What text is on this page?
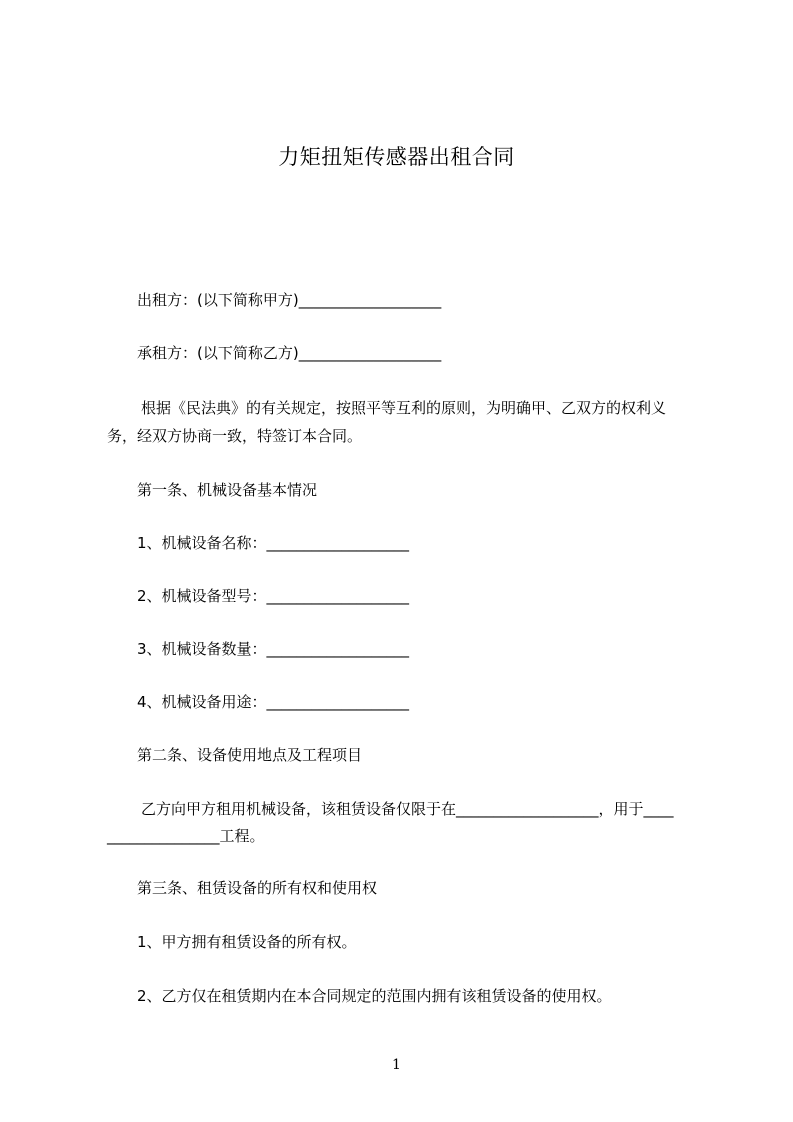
力矩扭矩传感器出租合同
出租方：(以下简称甲方)___________________
承租方：(以下简称乙方)___________________
根据《民法典》的有关规定，按照平等互利的原则，为明确甲、乙双方的权利义
务，经双方协商一致，特签订本合同。
第一条、机械设备基本情况
1、机械设备名称：___________________
2、机械设备型号：___________________
3、机械设备数量：___________________
4、机械设备用途：___________________
第二条、设备使用地点及工程项目
乙方向甲方租用机械设备，该租赁设备仅限于在___________________，用于____
_______________工程。
第三条、租赁设备的所有权和使用权
1、甲方拥有租赁设备的所有权。
2、乙方仅在租赁期内在本合同规定的范围内拥有该租赁设备的使用权。
1
